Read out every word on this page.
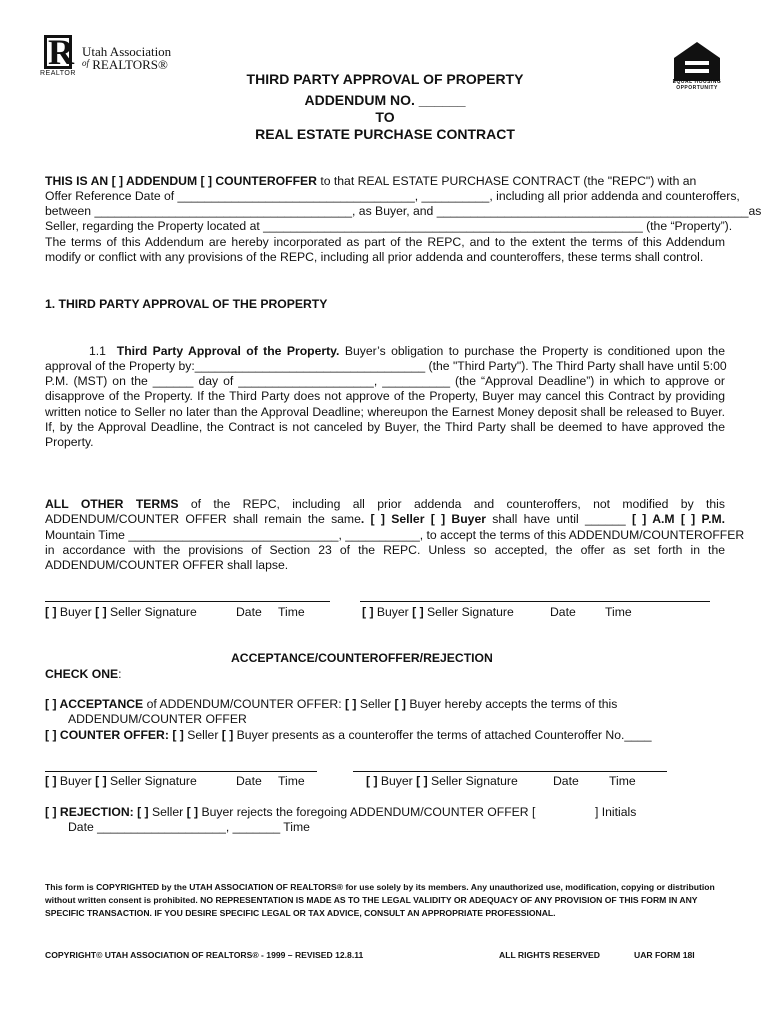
R
REALTOR
Utah Association
$^{of}$ REALTORS®
EQUAL HOUSING
OPPORTUNITY
THIRD PARTY APPROVAL OF PROPERTY
ADDENDUM NO. ______
TO
REAL ESTATE PURCHASE CONTRACT
THIS IS AN [ ] ADDENDUM [ ] COUNTEROFFER to that REAL ESTATE PURCHASE CONTRACT (the "REPC") with an
Offer Reference Date of ___________________________________, __________, including all prior addenda and counteroffers,
between ______________________________________, as Buyer, and ______________________________________________as
Seller, regarding the Property located at ________________________________________________________ (the “Property”).
The terms of this Addendum are hereby incorporated as part of the REPC, and to the extent the terms of this Addendum
modify or conflict with any provisions of the REPC, including all prior addenda and counteroffers, these terms shall control.
1. THIRD PARTY APPROVAL OF THE PROPERTY
1.1 Third Party Approval of the Property. Buyer’s obligation to purchase the Property is conditioned upon the
approval of the Property by:__________________________________ (the "Third Party"). The Third Party shall have until 5:00
P.M. (MST) on the ______ day of ____________________, __________ (the “Approval Deadline”) in which to approve or
disapprove of the Property. If the Third Party does not approve of the Property, Buyer may cancel this Contract by providing
written notice to Seller no later than the Approval Deadline; whereupon the Earnest Money deposit shall be released to Buyer.
If, by the Approval Deadline, the Contract is not canceled by Buyer, the Third Party shall be deemed to have approved the
Property.
ALL OTHER TERMS of the REPC, including all prior addenda and counteroffers, not modified by this
ADDENDUM/COUNTER OFFER shall remain the same. [ ] Seller [ ] Buyer shall have until ______ [ ] A.M [ ] P.M.
Mountain Time _______________________________, ___________, to accept the terms of this ADDENDUM/COUNTEROFFER
in accordance with the provisions of Section 23 of the REPC. Unless so accepted, the offer as set forth in the
ADDENDUM/COUNTER OFFER shall lapse.
[ ] Buyer [ ] Seller Signature	Date Time	[ ] Buyer [ ] Seller Signature	Date Time
ACCEPTANCE/COUNTEROFFER/REJECTION
CHECK ONE:
[ ] ACCEPTANCE of ADDENDUM/COUNTER OFFER: [ ] Seller [ ] Buyer hereby accepts the terms of this
ADDENDUM/COUNTER OFFER
[ ] COUNTER OFFER: [ ] Seller [ ] Buyer presents as a counteroffer the terms of attached Counteroffer No.____
[ ] Buyer [ ] Seller Signature	Date Time	[ ] Buyer [ ] Seller Signature	Date Time
[ ] REJECTION: [ ] Seller [ ] Buyer rejects the foregoing ADDENDUM/COUNTER OFFER [	] Initials
Date ___________________, _______ Time
This form is COPYRIGHTED by the UTAH ASSOCIATION OF REALTORS® for use solely by its members. Any unauthorized use, modification, copying or distribution without written consent is prohibited. NO REPRESENTATION IS MADE AS TO THE LEGAL VALIDITY OR ADEQUACY OF ANY PROVISION OF THIS FORM IN ANY SPECIFIC TRANSACTION. IF YOU DESIRE SPECIFIC LEGAL OR TAX ADVICE, CONSULT AN APPROPRIATE PROFESSIONAL.
COPYRIGHT© UTAH ASSOCIATION OF REALTORS® - 1999 – REVISED 12.8.11	ALL RIGHTS RESERVED	UAR FORM 18I
